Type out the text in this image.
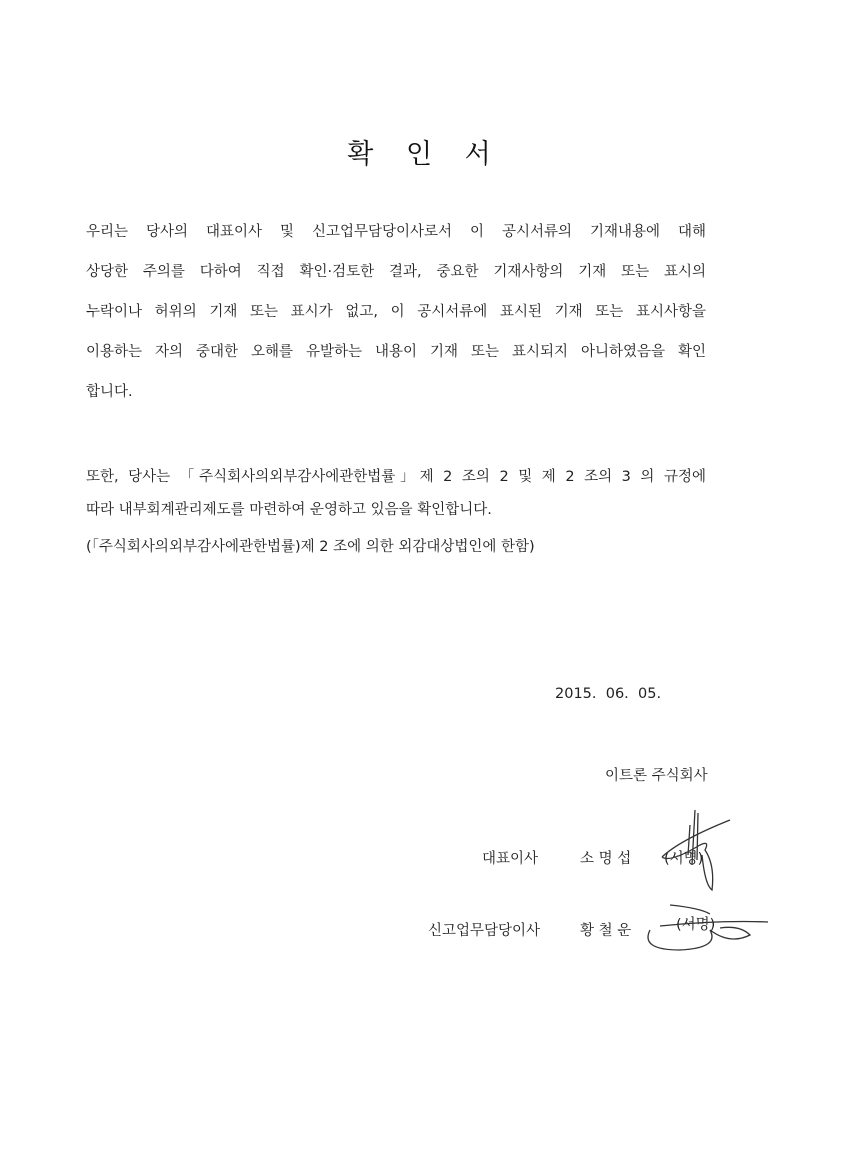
확 인 서
우리는 당사의 대표이사 및 신고업무담당이사로서 이 공시서류의 기재내용에 대해
상당한 주의를 다하여 직접 확인·검토한 결과, 중요한 기재사항의 기재 또는 표시의
누락이나 허위의 기재 또는 표시가 없고, 이 공시서류에 표시된 기재 또는 표시사항을
이용하는 자의 중대한 오해를 유발하는 내용이 기재 또는 표시되지 아니하였음을 확인
합니다.
또한, 당사는 「주식회사의외부감사에관한법률」제 2 조의 2 및 제 2 조의 3 의 규정에
따라 내부회계관리제도를 마련하여 운영하고 있음을 확인합니다.
(「주식회사의외부감사에관한법률)제 2 조에 의한 외감대상법인에 한함)
2015.  06.  05.
이트론 주식회사
대표이사	소 명 섭 (서명)
신고업무담당이사	황 철 운	(서명)
